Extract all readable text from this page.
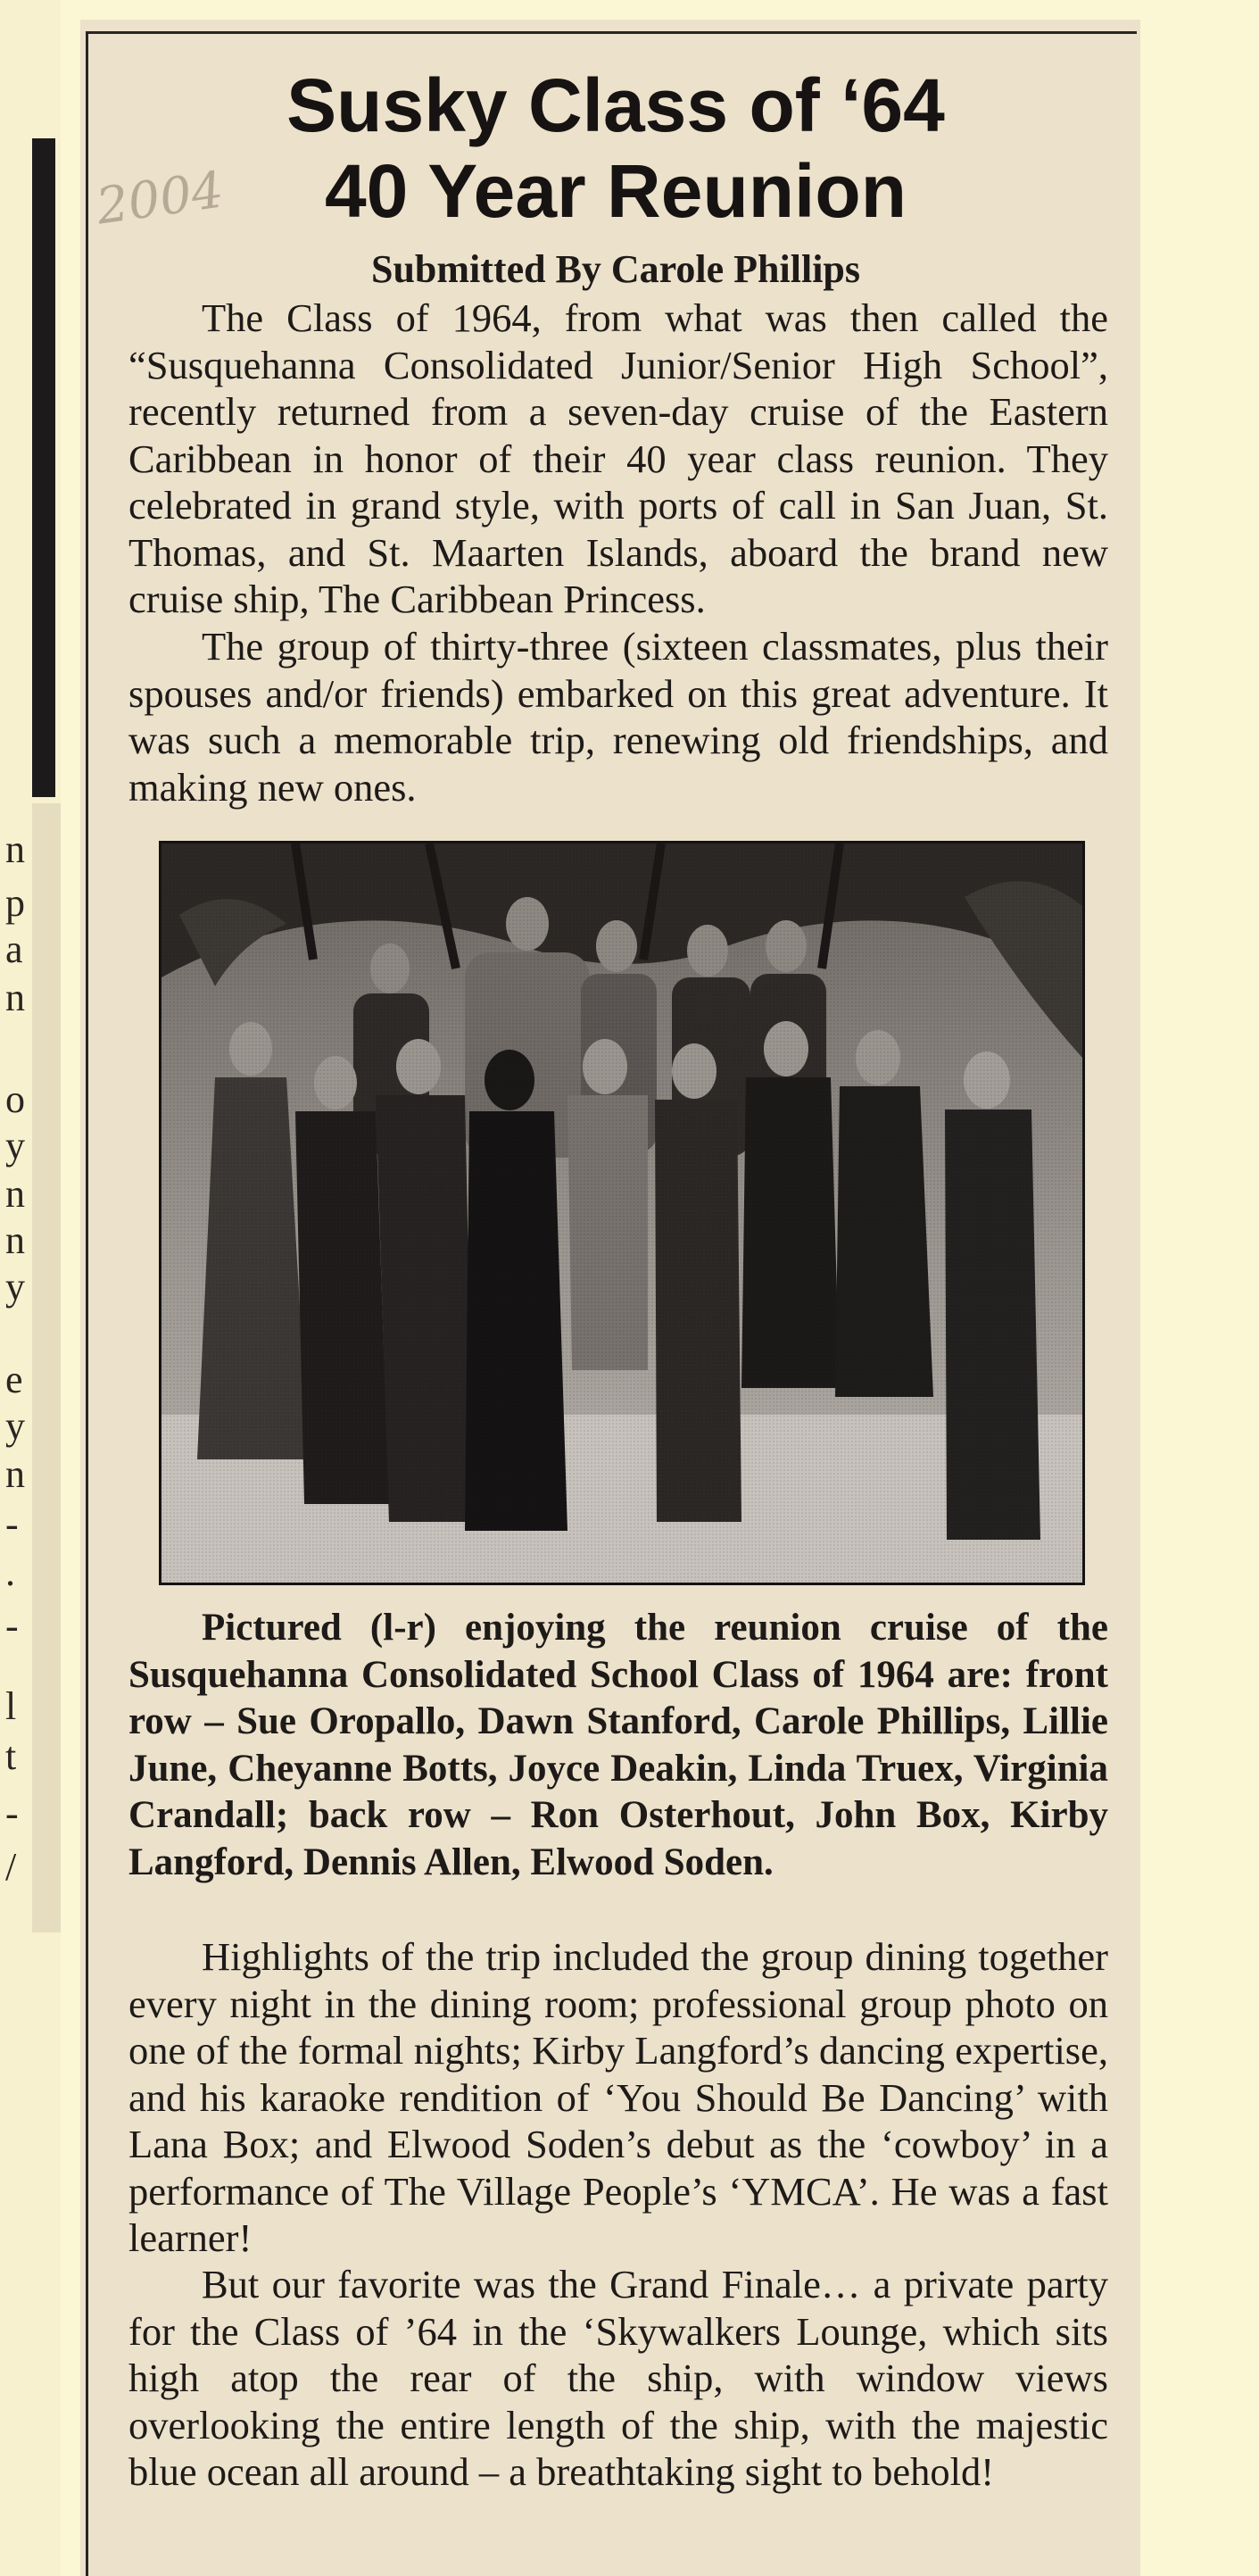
n
p
a
n
o
y
n
n
y
e
y
n
-
.
-
l
t
-
/
2004
Susky Class of ‘64
40 Year Reunion
Submitted By Carole Phillips

The Class of 1964, from what was then called the “Susquehanna Consolidated Junior/Senior High School”, recently returned from a seven-day cruise of the Eastern Caribbean in honor of their 40 year class reunion. They celebrated in grand style, with ports of call in San Juan, St. Thomas, and St. Maarten Islands, aboard the brand new cruise ship, The Caribbean Princess.

The group of thirty-three (sixteen classmates, plus their spouses and/or friends) embarked on this great adventure. It was such a memorable trip, renewing old friendships, and making new ones.

Pictured (l-r) enjoying the reunion cruise of the Susquehanna Consolidated School Class of 1964 are: front row – Sue Oropallo, Dawn Stanford, Carole Phillips, Lillie June, Cheyanne Botts, Joyce Deakin, Linda Truex, Virginia Crandall; back row – Ron Osterhout, John Box, Kirby Langford, Dennis Allen, Elwood Soden.

Highlights of the trip included the group dining together every night in the dining room; professional group photo on one of the formal nights; Kirby Langford’s dancing expertise, and his karaoke rendition of ‘You Should Be Dancing’ with Lana Box; and Elwood Soden’s debut as the ‘cowboy’ in a performance of The Village People’s ‘YMCA’. He was a fast learner!

But our favorite was the Grand Finale… a private party for the Class of ’64 in the ‘Skywalkers Lounge, which sits high atop the rear of the ship, with window views overlooking the entire length of the ship, with the majestic blue ocean all around – a breathtaking sight to behold!
